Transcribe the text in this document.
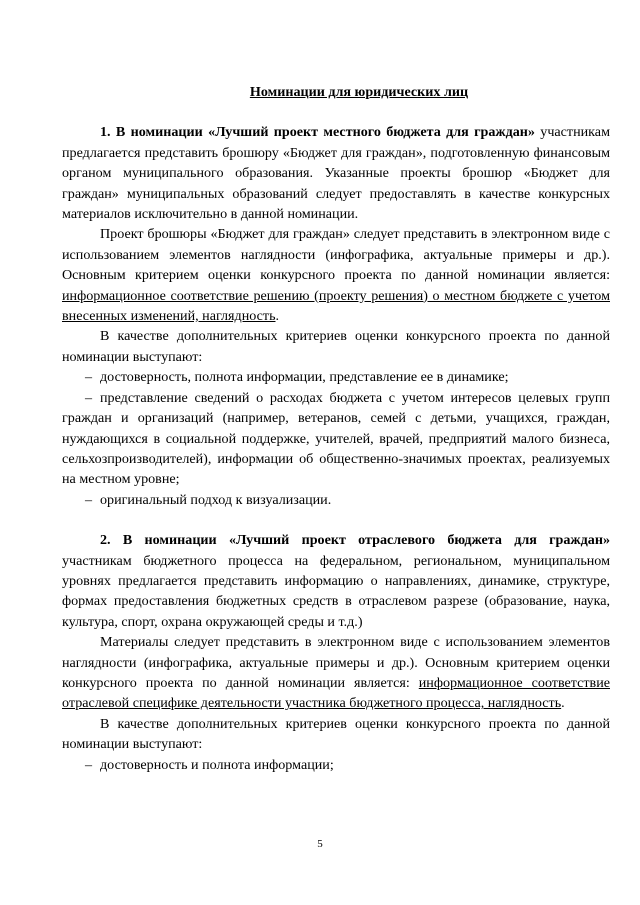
Номинации для юридических лиц

1. В номинации «Лучший проект местного бюджета для граждан» участникам предлагается представить брошюру «Бюджет для граждан», подготовленную финансовым органом муниципального образования. Указанные проекты брошюр «Бюджет для граждан» муниципальных образований следует предоставлять в качестве конкурсных материалов исключительно в данной номинации.

Проект брошюры «Бюджет для граждан» следует представить в электронном виде с использованием элементов наглядности (инфографика, актуальные примеры и др.). Основным критерием оценки конкурсного проекта по данной номинации является: информационное соответствие решению (проекту решения) о местном бюджете с учетом внесенных изменений, наглядность.

В качестве дополнительных критериев оценки конкурсного проекта по данной номинации выступают:

– достоверность, полнота информации, представление ее в динамике;

– представление сведений о расходах бюджета с учетом интересов целевых групп граждан и организаций (например, ветеранов, семей с детьми, учащихся, граждан, нуждающихся в социальной поддержке, учителей, врачей, предприятий малого бизнеса, сельхозпроизводителей), информации об общественно-значимых проектах, реализуемых на местном уровне;

– оригинальный подход к визуализации.

2. В номинации «Лучший проект отраслевого бюджета для граждан» участникам бюджетного процесса на федеральном, региональном, муниципальном уровнях предлагается представить информацию о направлениях, динамике, структуре, формах предоставления бюджетных средств в отраслевом разрезе (образование, наука, культура, спорт, охрана окружающей среды и т.д.)

Материалы следует представить в электронном виде с использованием элементов наглядности (инфографика, актуальные примеры и др.). Основным критерием оценки конкурсного проекта по данной номинации является: информационное соответствие отраслевой специфике деятельности участника бюджетного процесса, наглядность.

В качестве дополнительных критериев оценки конкурсного проекта по данной номинации выступают:

– достоверность и полнота информации;
5
